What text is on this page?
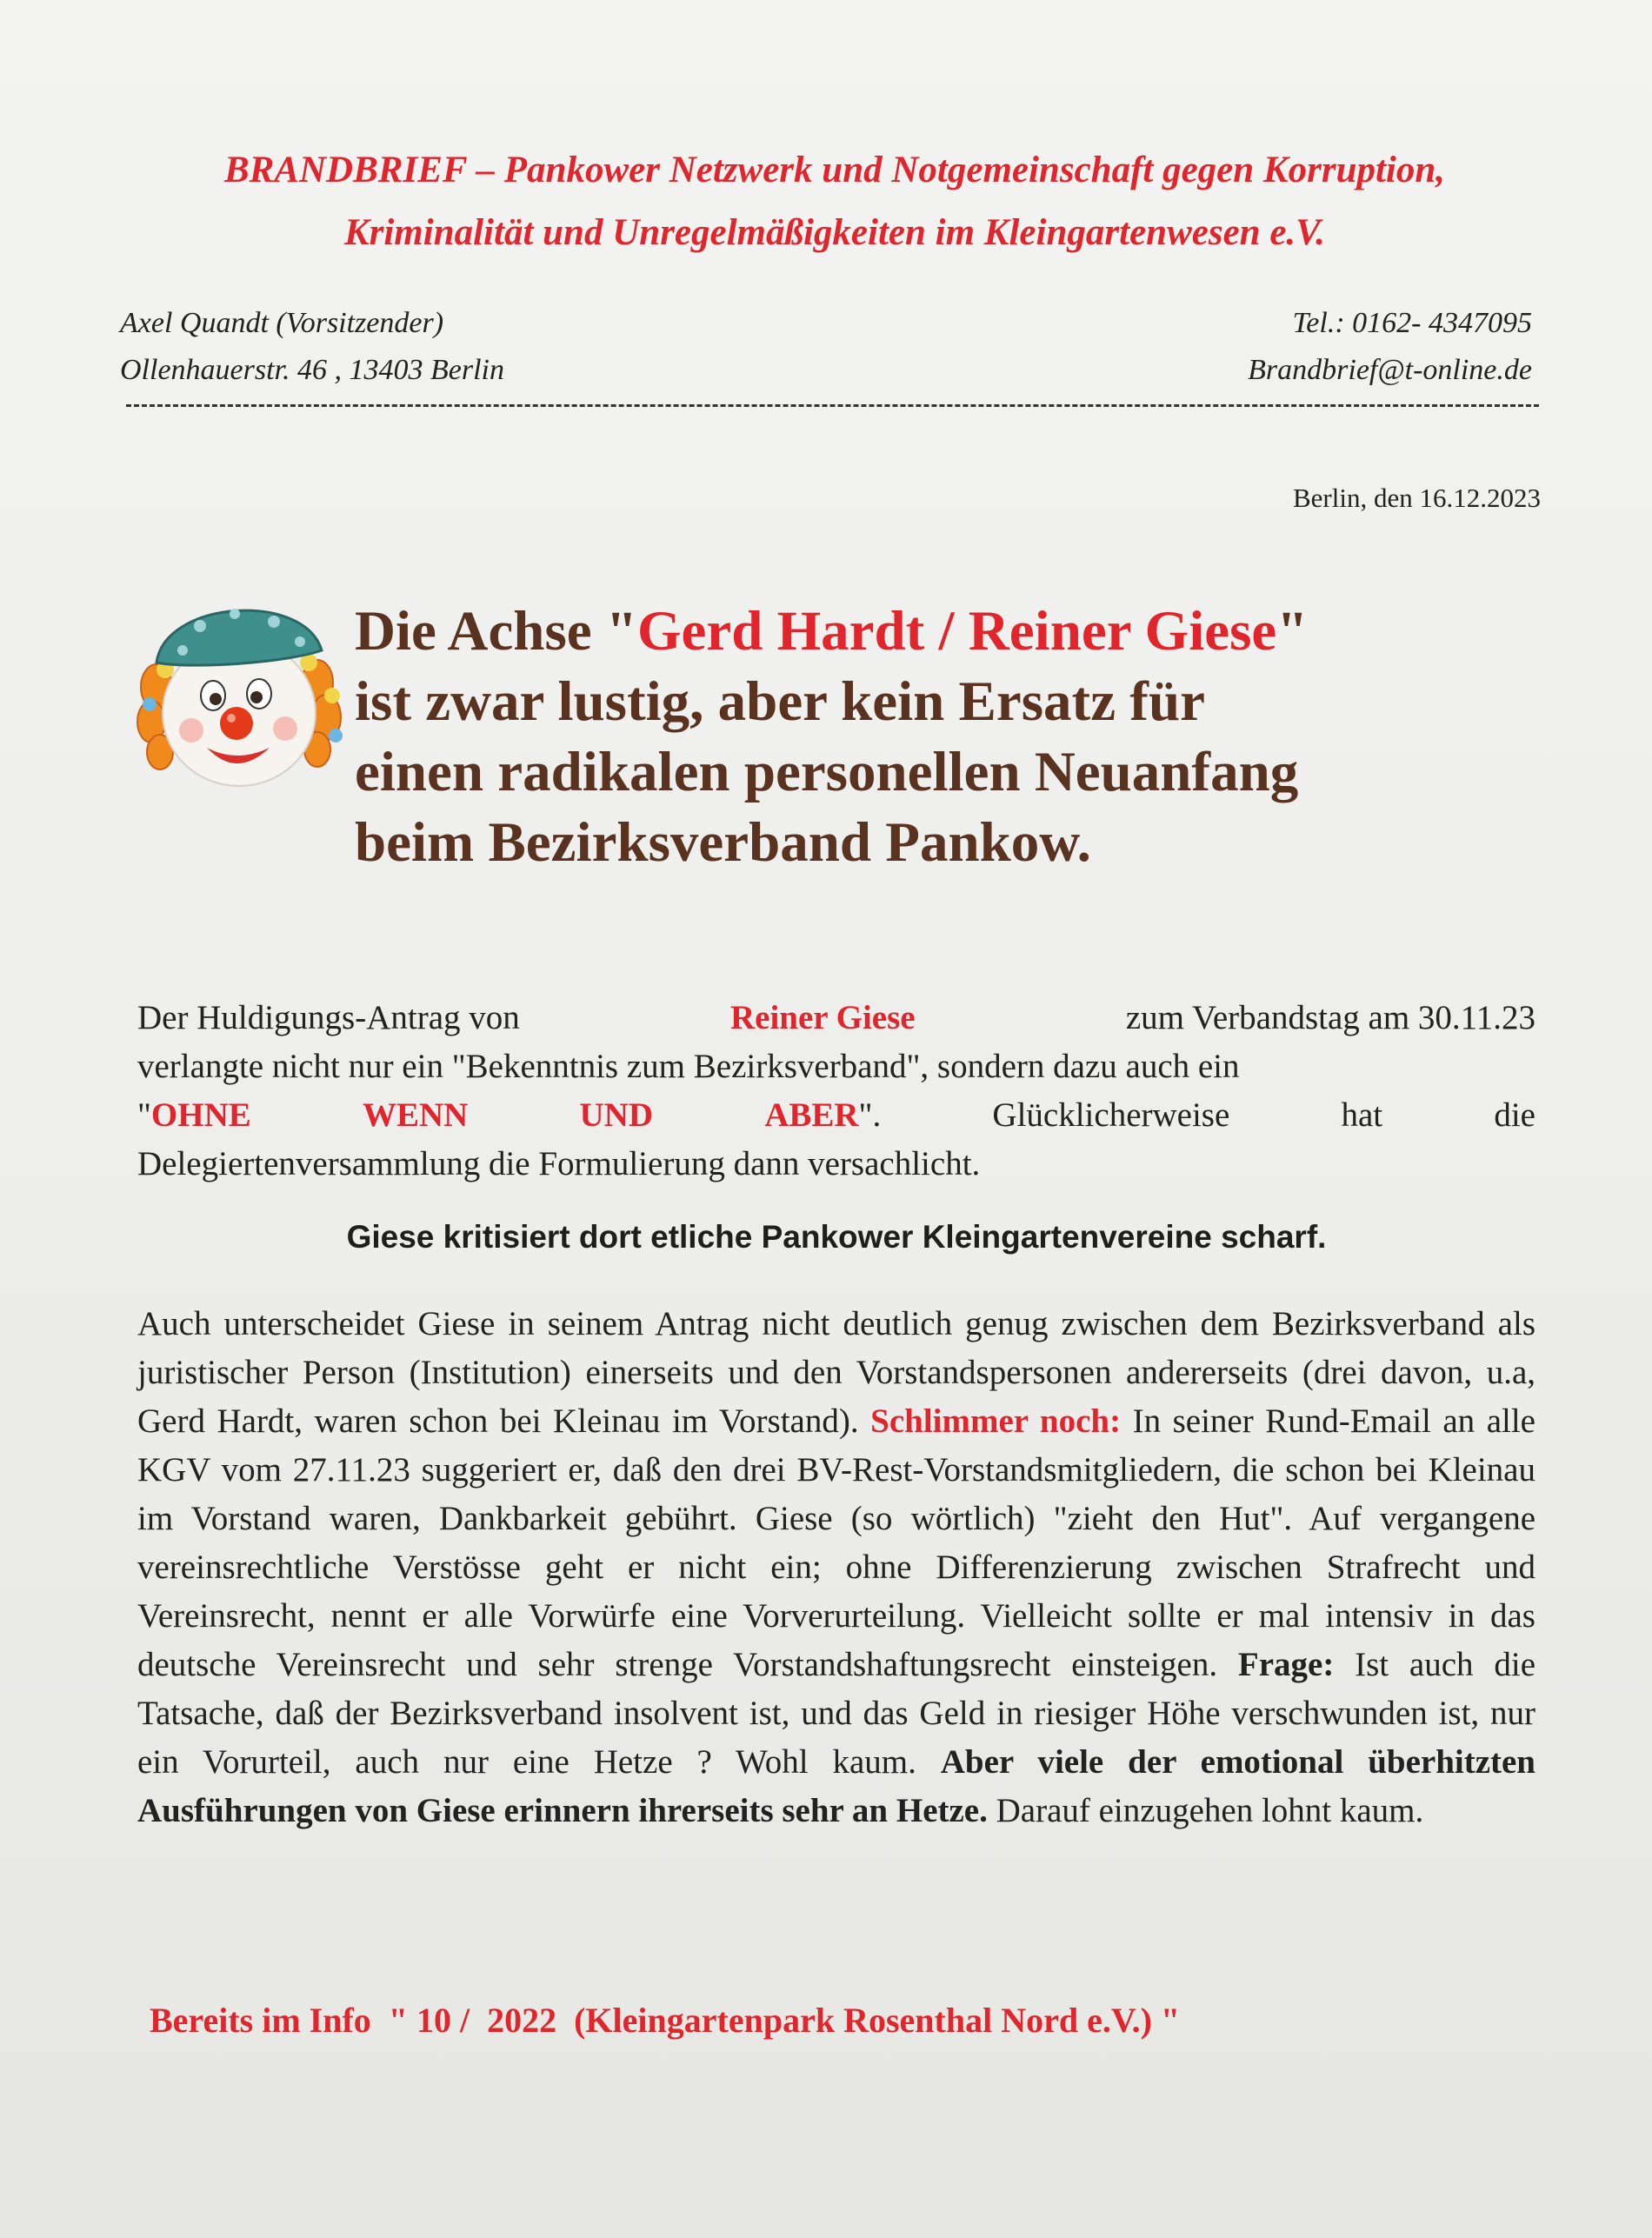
BRANDBRIEF – Pankower Netzwerk und Notgemeinschaft gegen Korruption,
Kriminalität und Unregelmäßigkeiten im Kleingartenwesen e.V.
Axel Quandt (Vorsitzender)
Ollenhauerstr. 46 , 13403 Berlin
Tel.: 0162- 4347095
Brandbrief@t-online.de
Berlin, den 16.12.2023
Die Achse "Gerd Hardt / Reiner Giese"
ist zwar lustig, aber kein Ersatz für
einen radikalen personellen Neuanfang
beim Bezirksverband Pankow.
Der Huldigungs-Antrag von	Reiner Giese	zum Verbandstag am 30.11.23
verlangte nicht nur ein "Bekenntnis zum Bezirksverband", sondern dazu auch ein
"OHNE	WENN	UND	ABER".	Glücklicherweise	hat	die
Delegiertenversammlung die Formulierung dann versachlicht.
Giese kritisiert dort etliche Pankower Kleingartenvereine scharf.
Auch unterscheidet Giese in seinem Antrag nicht deutlich genug zwischen dem Bezirksverband als juristischer Person (Institution) einerseits und den Vorstandspersonen andererseits (drei davon, u.a, Gerd Hardt, waren schon bei Kleinau im Vorstand). Schlimmer noch: In seiner Rund-Email an alle KGV vom 27.11.23 suggeriert er, daß den drei BV-Rest-Vorstandsmitgliedern, die schon bei Kleinau im Vorstand waren, Dankbarkeit gebührt. Giese (so wörtlich) "zieht den Hut". Auf vergangene vereinsrechtliche Verstösse geht er nicht ein; ohne Differenzierung zwischen Strafrecht und Vereinsrecht, nennt er alle Vorwürfe eine Vorverurteilung. Vielleicht sollte er mal intensiv in das deutsche Vereinsrecht und sehr strenge Vorstandshaftungsrecht einsteigen. Frage: Ist auch die Tatsache, daß der Bezirksverband insolvent ist, und das Geld in riesiger Höhe verschwunden ist, nur ein Vorurteil, auch nur eine Hetze ? Wohl kaum. Aber viele der emotional überhitzten Ausführungen von Giese erinnern ihrerseits sehr an Hetze. Darauf einzugehen lohnt kaum.
Bereits im Info  " 10 /  2022  (Kleingartenpark Rosenthal Nord e.V.) "
